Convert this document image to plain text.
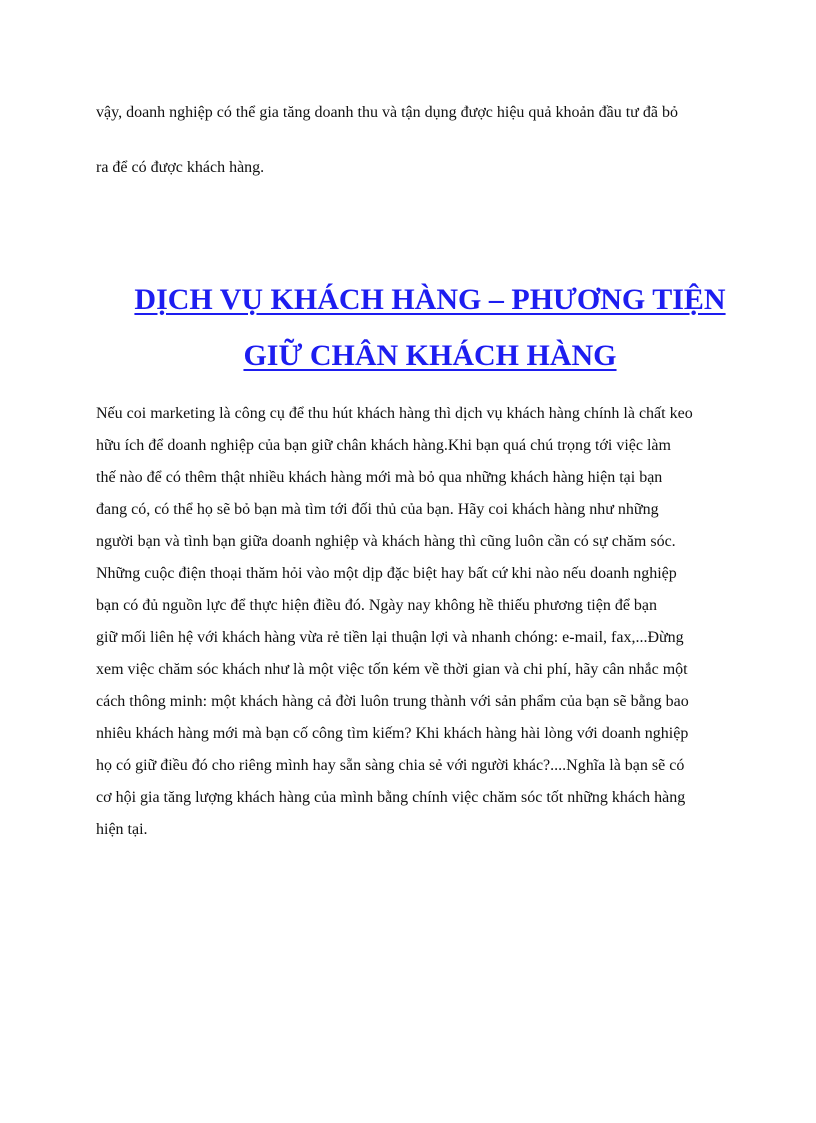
vậy, doanh nghiệp có thể gia tăng doanh thu và tận dụng được hiệu quả khoản đầu tư đã bỏ
ra để có được khách hàng.
DỊCH VỤ KHÁCH HÀNG – PHƯƠNG TIỆN
GIỮ CHÂN KHÁCH HÀNG
Nếu coi marketing là công cụ để thu hút khách hàng thì dịch vụ khách hàng chính là chất keo
hữu ích để doanh nghiệp của bạn giữ chân khách hàng.Khi bạn quá chú trọng tới việc làm
thế nào để có thêm thật nhiều khách hàng mới mà bỏ qua những khách hàng hiện tại bạn
đang có, có thể họ sẽ bỏ bạn mà tìm tới đối thủ của bạn. Hãy coi khách hàng như những
người bạn và tình bạn giữa doanh nghiệp và khách hàng thì cũng luôn cần có sự chăm sóc.
Những cuộc điện thoại thăm hỏi vào một dịp đặc biệt hay bất cứ khi nào nếu doanh nghiệp
bạn có đủ nguồn lực để thực hiện điều đó. Ngày nay không hề thiếu phương tiện để bạn
giữ mối liên hệ với khách hàng vừa rẻ tiền lại thuận lợi và nhanh chóng: e-mail, fax,...Đừng
xem việc chăm sóc khách như là một việc tốn kém về thời gian và chi phí, hãy cân nhắc một
cách thông minh: một khách hàng cả đời luôn trung thành với sản phẩm của bạn sẽ bằng bao
nhiêu khách hàng mới mà bạn cố công tìm kiếm? Khi khách hàng hài lòng với doanh nghiệp
họ có giữ điều đó cho riêng mình hay sẵn sàng chia sẻ với người khác?....Nghĩa là bạn sẽ có
cơ hội gia tăng lượng khách hàng của mình bằng chính việc chăm sóc tốt những khách hàng
hiện tại.
